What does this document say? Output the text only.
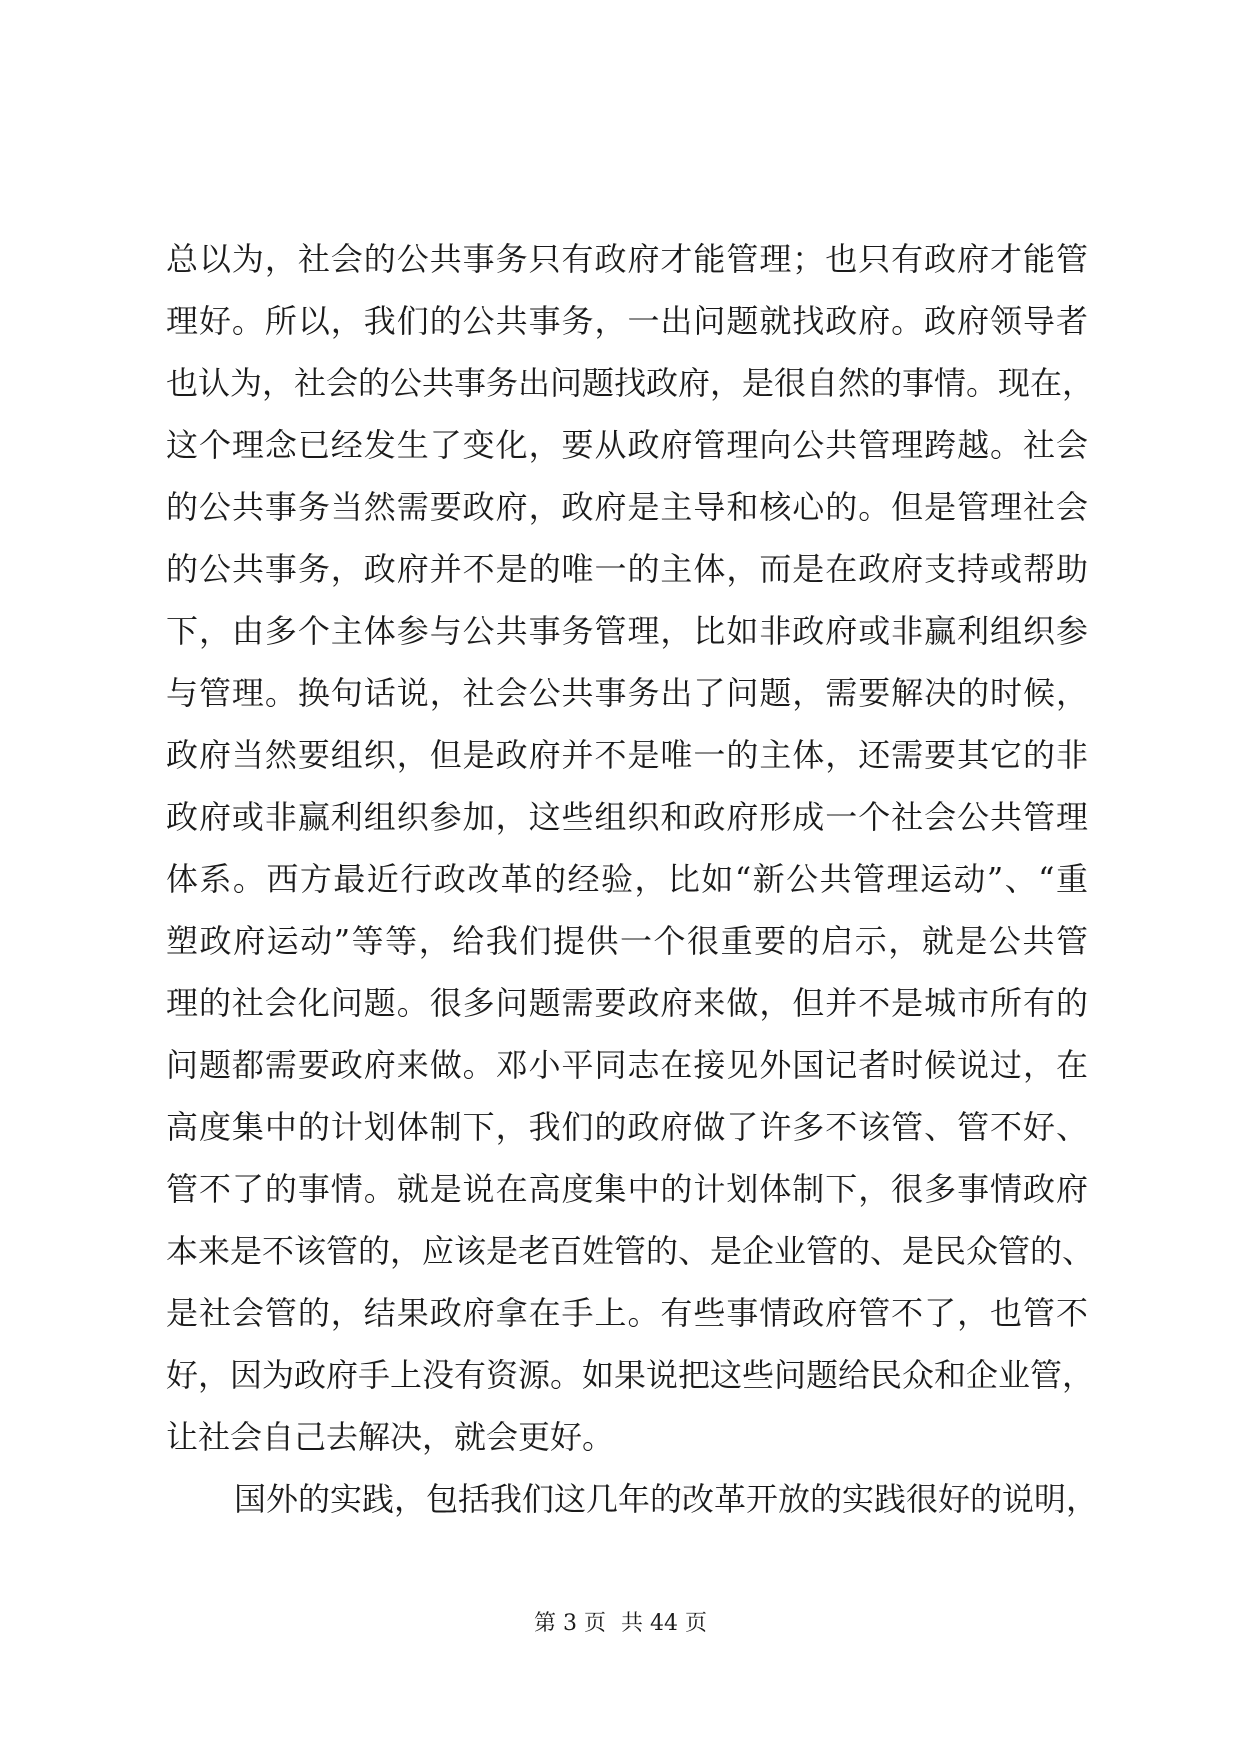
总以为，社会的公共事务只有政府才能管理；也只有政府才能管
理好。所以，我们的公共事务，一出问题就找政府。政府领导者
也认为，社会的公共事务出问题找政府，是很自然的事情。现在，
这个理念已经发生了变化，要从政府管理向公共管理跨越。社会
的公共事务当然需要政府，政府是主导和核心的。但是管理社会
的公共事务，政府并不是的唯一的主体，而是在政府支持或帮助
下，由多个主体参与公共事务管理，比如非政府或非赢利组织参
与管理。换句话说，社会公共事务出了问题，需要解决的时候，
政府当然要组织，但是政府并不是唯一的主体，还需要其它的非
政府或非赢利组织参加，这些组织和政府形成一个社会公共管理
体系。西方最近行政改革的经验，比如“新公共管理运动”、“重
塑政府运动”等等，给我们提供一个很重要的启示，就是公共管
理的社会化问题。很多问题需要政府来做，但并不是城市所有的
问题都需要政府来做。邓小平同志在接见外国记者时候说过，在
高度集中的计划体制下，我们的政府做了许多不该管、管不好、
管不了的事情。就是说在高度集中的计划体制下，很多事情政府
本来是不该管的，应该是老百姓管的、是企业管的、是民众管的、
是社会管的，结果政府拿在手上。有些事情政府管不了，也管不
好，因为政府手上没有资源。如果说把这些问题给民众和企业管，
让社会自己去解决，就会更好。
国外的实践，包括我们这几年的改革开放的实践很好的说明，
第 3 页 共 44 页
